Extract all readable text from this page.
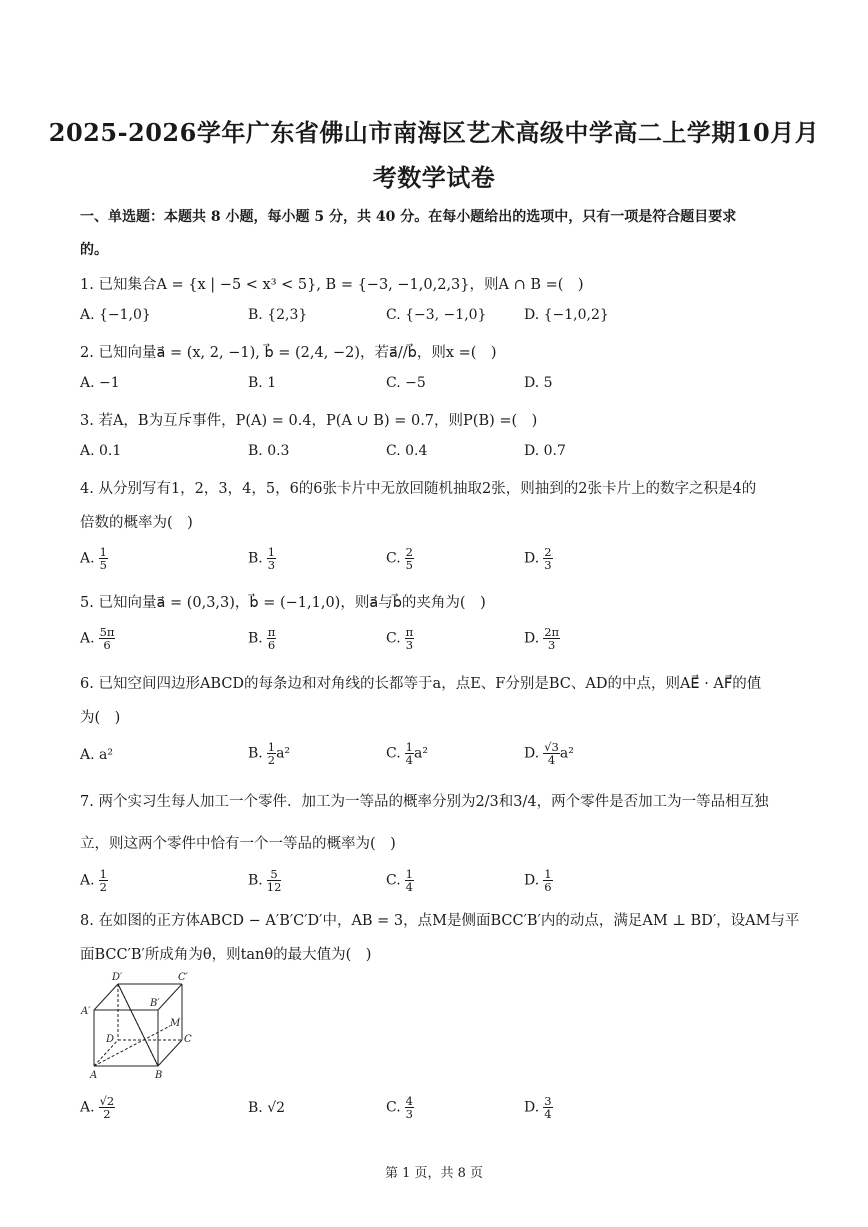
2025-2026学年广东省佛山市南海区艺术高级中学高二上学期10月月
考数学试卷
一、单选题：本题共 8 小题，每小题 5 分，共 40 分。在每小题给出的选项中，只有一项是符合题目要求
的。
1. 已知集合A = {x | −5 < x³ < 5}, B = {−3, −1,0,2,3}，则A ∩ B =(　)
A. {−1,0}	B. {2,3}	C. {−3, −1,0}	D. {−1,0,2}
2. 已知向量a⃗ = (x, 2, −1), b⃗ = (2,4, −2)，若a⃗//b⃗，则x =(　)
A. −1	B. 1	C. −5	D. 5
3. 若A，B为互斥事件，P(A) = 0.4，P(A ∪ B) = 0.7，则P(B) =(　)
A. 0.1	B. 0.3	C. 0.4	D. 0.7
4. 从分别写有1，2，3，4，5，6的6张卡片中无放回随机抽取2张，则抽到的2张卡片上的数字之积是4的
倍数的概率为(　)
A. $\frac{1}{5}$	B. $\frac{1}{3}$	C. $\frac{2}{5}$	D. $\frac{2}{3}$
5. 已知向量a⃗ = (0,3,3)，b⃗ = (−1,1,0)，则a⃗与b⃗的夹角为(　)
A. $\frac{5\pi}{6}$	B. $\frac{\pi}{6}$	C. $\frac{\pi}{3}$	D. $\frac{2\pi}{3}$
6. 已知空间四边形ABCD的每条边和对角线的长都等于a，点E、F分别是BC、AD的中点，则AE⃗ · AF⃗的值
为(　)
A. a²	B. $\frac{1}{2} a^2$	C. $\frac{1}{4} a^2$	D. $\frac{√3}{4} a^2$
7. 两个实习生每人加工一个零件．加工为一等品的概率分别为2/3和3/4，两个零件是否加工为一等品相互独
立，则这两个零件中恰有一个一等品的概率为(　)
A. $\frac{1}{2}$	B. $\frac{5}{12}$	C. $\frac{1}{4}$	D. $\frac{1}{6}$
8. 在如图的正方体ABCD − A′B′C′D′中，AB = 3，点M是侧面BCC′B′内的动点，满足AM ⊥ BD′，设AM与平
面BCC′B′所成角为θ，则tanθ的最大值为(　)
D′	C′
A′
B′
M
D	C
A	B
A. $\frac{√2}{2}$	B. √2	C. $\frac{4}{3}$	D. $\frac{3}{4}$
第 1 页，共 8 页
